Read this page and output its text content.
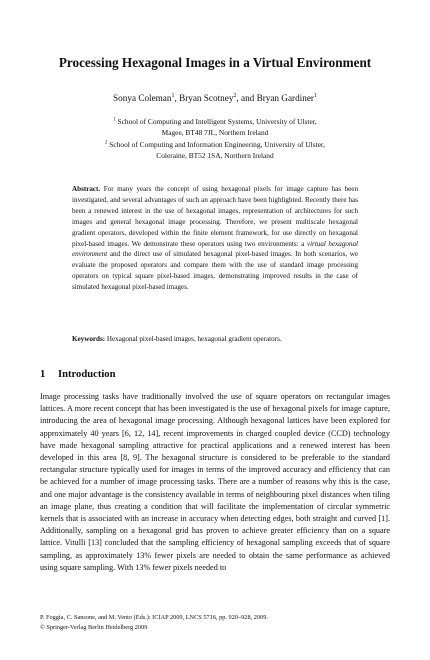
Processing Hexagonal Images in a Virtual Environment
Sonya Coleman$^1$, Bryan Scotney$^2$, and Bryan Gardiner$^1$
$^1$ School of Computing and Intelligent Systems, University of Ulster,
Magee, BT48 7JL, Northern Ireland
$^2$ School of Computing and Information Engineering, University of Ulster,
Coleraine, BT52 1SA, Northern Ireland
Abstract. For many years the concept of using hexagonal pixels for image capture has been investigated, and several advantages of such an approach have been highlighted. Recently there has been a renewed interest in the use of hexagonal images, representation of architectures for such images and general hexagonal image processing. Therefore, we present multiscale hexagonal gradient operators, developed within the finite element framework, for use directly on hexagonal pixel-based images. We demonstrate these operators using two environments: a virtual hexagonal environment and the direct use of simulated hexagonal pixel-based images. In both scenarios, we evaluate the proposed operators and compare them with the use of standard image processing operators on typical square pixel-based images, demonstrating improved results in the case of simulated hexagonal pixel-based images.
Keywords: Hexagonal pixel-based images, hexagonal gradient operators.
1 Introduction
Image processing tasks have traditionally involved the use of square operators on rectangular images lattices. A more recent concept that has been investigated is the use of hexagonal pixels for image capture, introducing the area of hexagonal image processing. Although hexagonal lattices have been explored for approximately 40 years [6, 12, 14], recent improvements in charged coupled device (CCD) technology have made hexagonal sampling attractive for practical applications and a renewed interest has been developed in this area [8, 9]. The hexagonal structure is considered to be preferable to the standard rectangular structure typically used for images in terms of the improved accuracy and efficiency that can be achieved for a number of image processing tasks. There are a number of reasons why this is the case, and one major advantage is the consistency available in terms of neighbouring pixel distances when tiling an image plane, thus creating a condition that will facilitate the implementation of circular symmetric kernels that is associated with an increase in accuracy when detecting edges, both straight and curved [1]. Additionally, sampling on a hexagonal grid has proven to achieve greater efficiency than on a square lattice. Vitulli [13] concluded that the sampling efficiency of hexagonal sampling exceeds that of square sampling, as approximately 13% fewer pixels are needed to obtain the same performance as achieved using square sampling. With 13% fewer pixels needed to
P. Foggia, C. Sansone, and M. Vento (Eds.): ICIAP 2009, LNCS 5716, pp. 920–928, 2009.
© Springer-Verlag Berlin Heidelberg 2009
